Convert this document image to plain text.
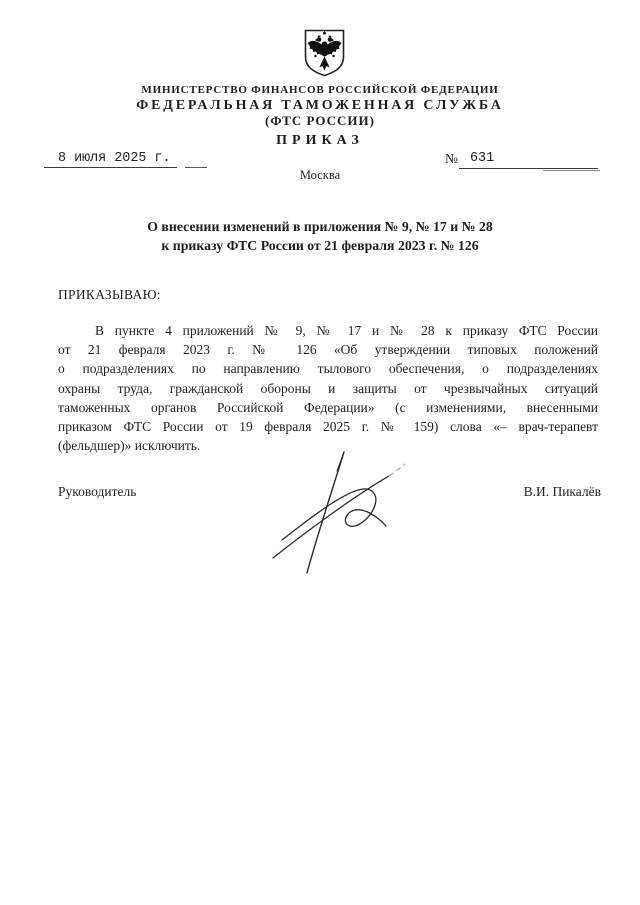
МИНИСТЕРСТВО ФИНАНСОВ РОССИЙСКОЙ ФЕДЕРАЦИИ
ФЕДЕРАЛЬНАЯ ТАМОЖЕННАЯ СЛУЖБА
(ФТС РОССИИ)
ПРИКАЗ
8 июля 2025 г.	№ 631
Москва
О внесении изменений в приложения № 9, № 17 и № 28
к приказу ФТС России от 21 февраля 2023 г. № 126
ПРИКАЗЫВАЮ:
В пункте 4 приложений № 9, № 17 и № 28 к приказу ФТС России
от 21 февраля 2023 г. № 126 «Об утверждении типовых положений
о подразделениях по направлению тылового обеспечения, о подразделениях
охраны труда, гражданской обороны и защиты от чрезвычайных ситуаций
таможенных органов Российской Федерации» (с изменениями, внесенными
приказом ФТС России от 19 февраля 2025 г. № 159) слова «– врач-терапевт
(фельдшер)» исключить.
Руководитель	В.И. Пикалёв
